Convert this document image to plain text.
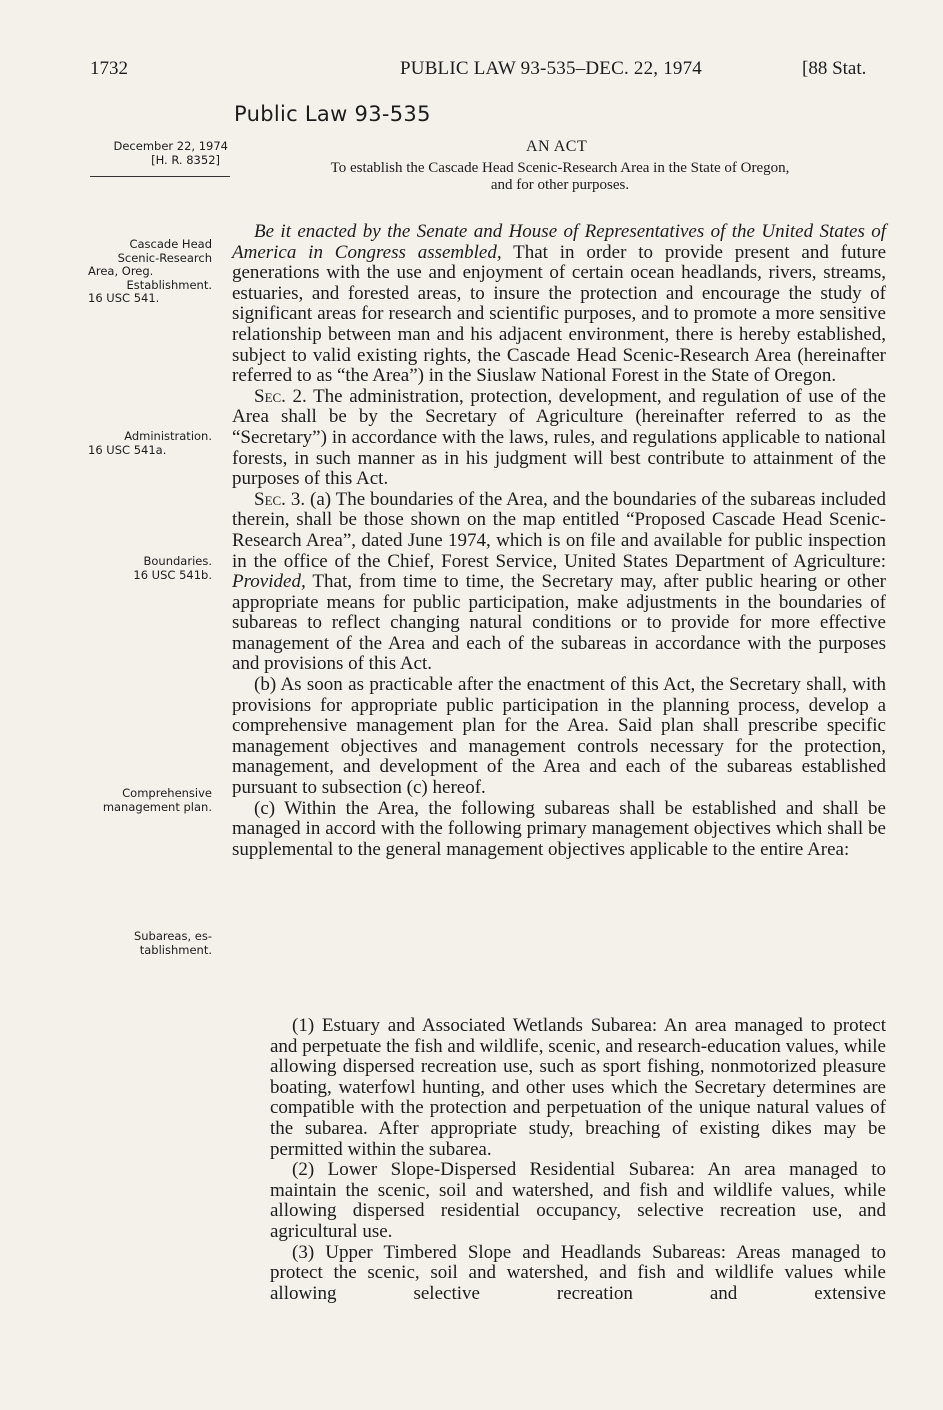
1732	PUBLIC LAW 93-535–DEC. 22, 1974	[88 Stat.
Public Law 93-535
December 22, 1974
[H. R. 8352]
AN ACT
To establish the Cascade Head Scenic-Research Area in the State of Oregon,
and for other purposes.
Cascade Head
Scenic-Research
Area, Oreg.
Establishment.
16 USC 541.
Administration.
16 USC 541a.
Boundaries.
16 USC 541b.
Comprehensive
management plan.
Subareas, es-
tablishment.

Be it enacted by the Senate and House of Representatives of the United States of America in Congress assembled, That in order to provide present and future generations with the use and enjoyment of certain ocean headlands, rivers, streams, estuaries, and forested areas, to insure the protection and encourage the study of significant areas for research and scientific purposes, and to promote a more sensitive relationship between man and his adjacent environment, there is hereby established, subject to valid existing rights, the Cascade Head Scenic-Research Area (hereinafter referred to as “the Area”) in the Siuslaw National Forest in the State of Oregon.

Sec. 2. The administration, protection, development, and regulation of use of the Area shall be by the Secretary of Agriculture (hereinafter referred to as the “Secretary”) in accordance with the laws, rules, and regulations applicable to national forests, in such manner as in his judgment will best contribute to attainment of the purposes of this Act.

Sec. 3. (a) The boundaries of the Area, and the boundaries of the subareas included therein, shall be those shown on the map entitled “Proposed Cascade Head Scenic-Research Area”, dated June 1974, which is on file and available for public inspection in the office of the Chief, Forest Service, United States Department of Agriculture: Provided, That, from time to time, the Secretary may, after public hearing or other appropriate means for public participation, make adjustments in the boundaries of subareas to reflect changing natural conditions or to provide for more effective management of the Area and each of the subareas in accordance with the purposes and provisions of this Act.

(b) As soon as practicable after the enactment of this Act, the Secretary shall, with provisions for appropriate public participation in the planning process, develop a comprehensive management plan for the Area. Said plan shall prescribe specific management objectives and management controls necessary for the protection, management, and development of the Area and each of the subareas established pursuant to subsection (c) hereof.

(c) Within the Area, the following subareas shall be established and shall be managed in accord with the following primary management objectives which shall be supplemental to the general management objectives applicable to the entire Area:

(1) Estuary and Associated Wetlands Subarea: An area managed to protect and perpetuate the fish and wildlife, scenic, and research-education values, while allowing dispersed recreation use, such as sport fishing, nonmotorized pleasure boating, waterfowl hunting, and other uses which the Secretary determines are compatible with the protection and perpetuation of the unique natural values of the subarea. After appropriate study, breaching of existing dikes may be permitted within the subarea.

(2) Lower Slope-Dispersed Residential Subarea: An area managed to maintain the scenic, soil and watershed, and fish and wildlife values, while allowing dispersed residential occupancy, selective recreation use, and agricultural use.

(3) Upper Timbered Slope and Headlands Subareas: Areas managed to protect the scenic, soil and watershed, and fish and wildlife values while allowing selective recreation and extensive
